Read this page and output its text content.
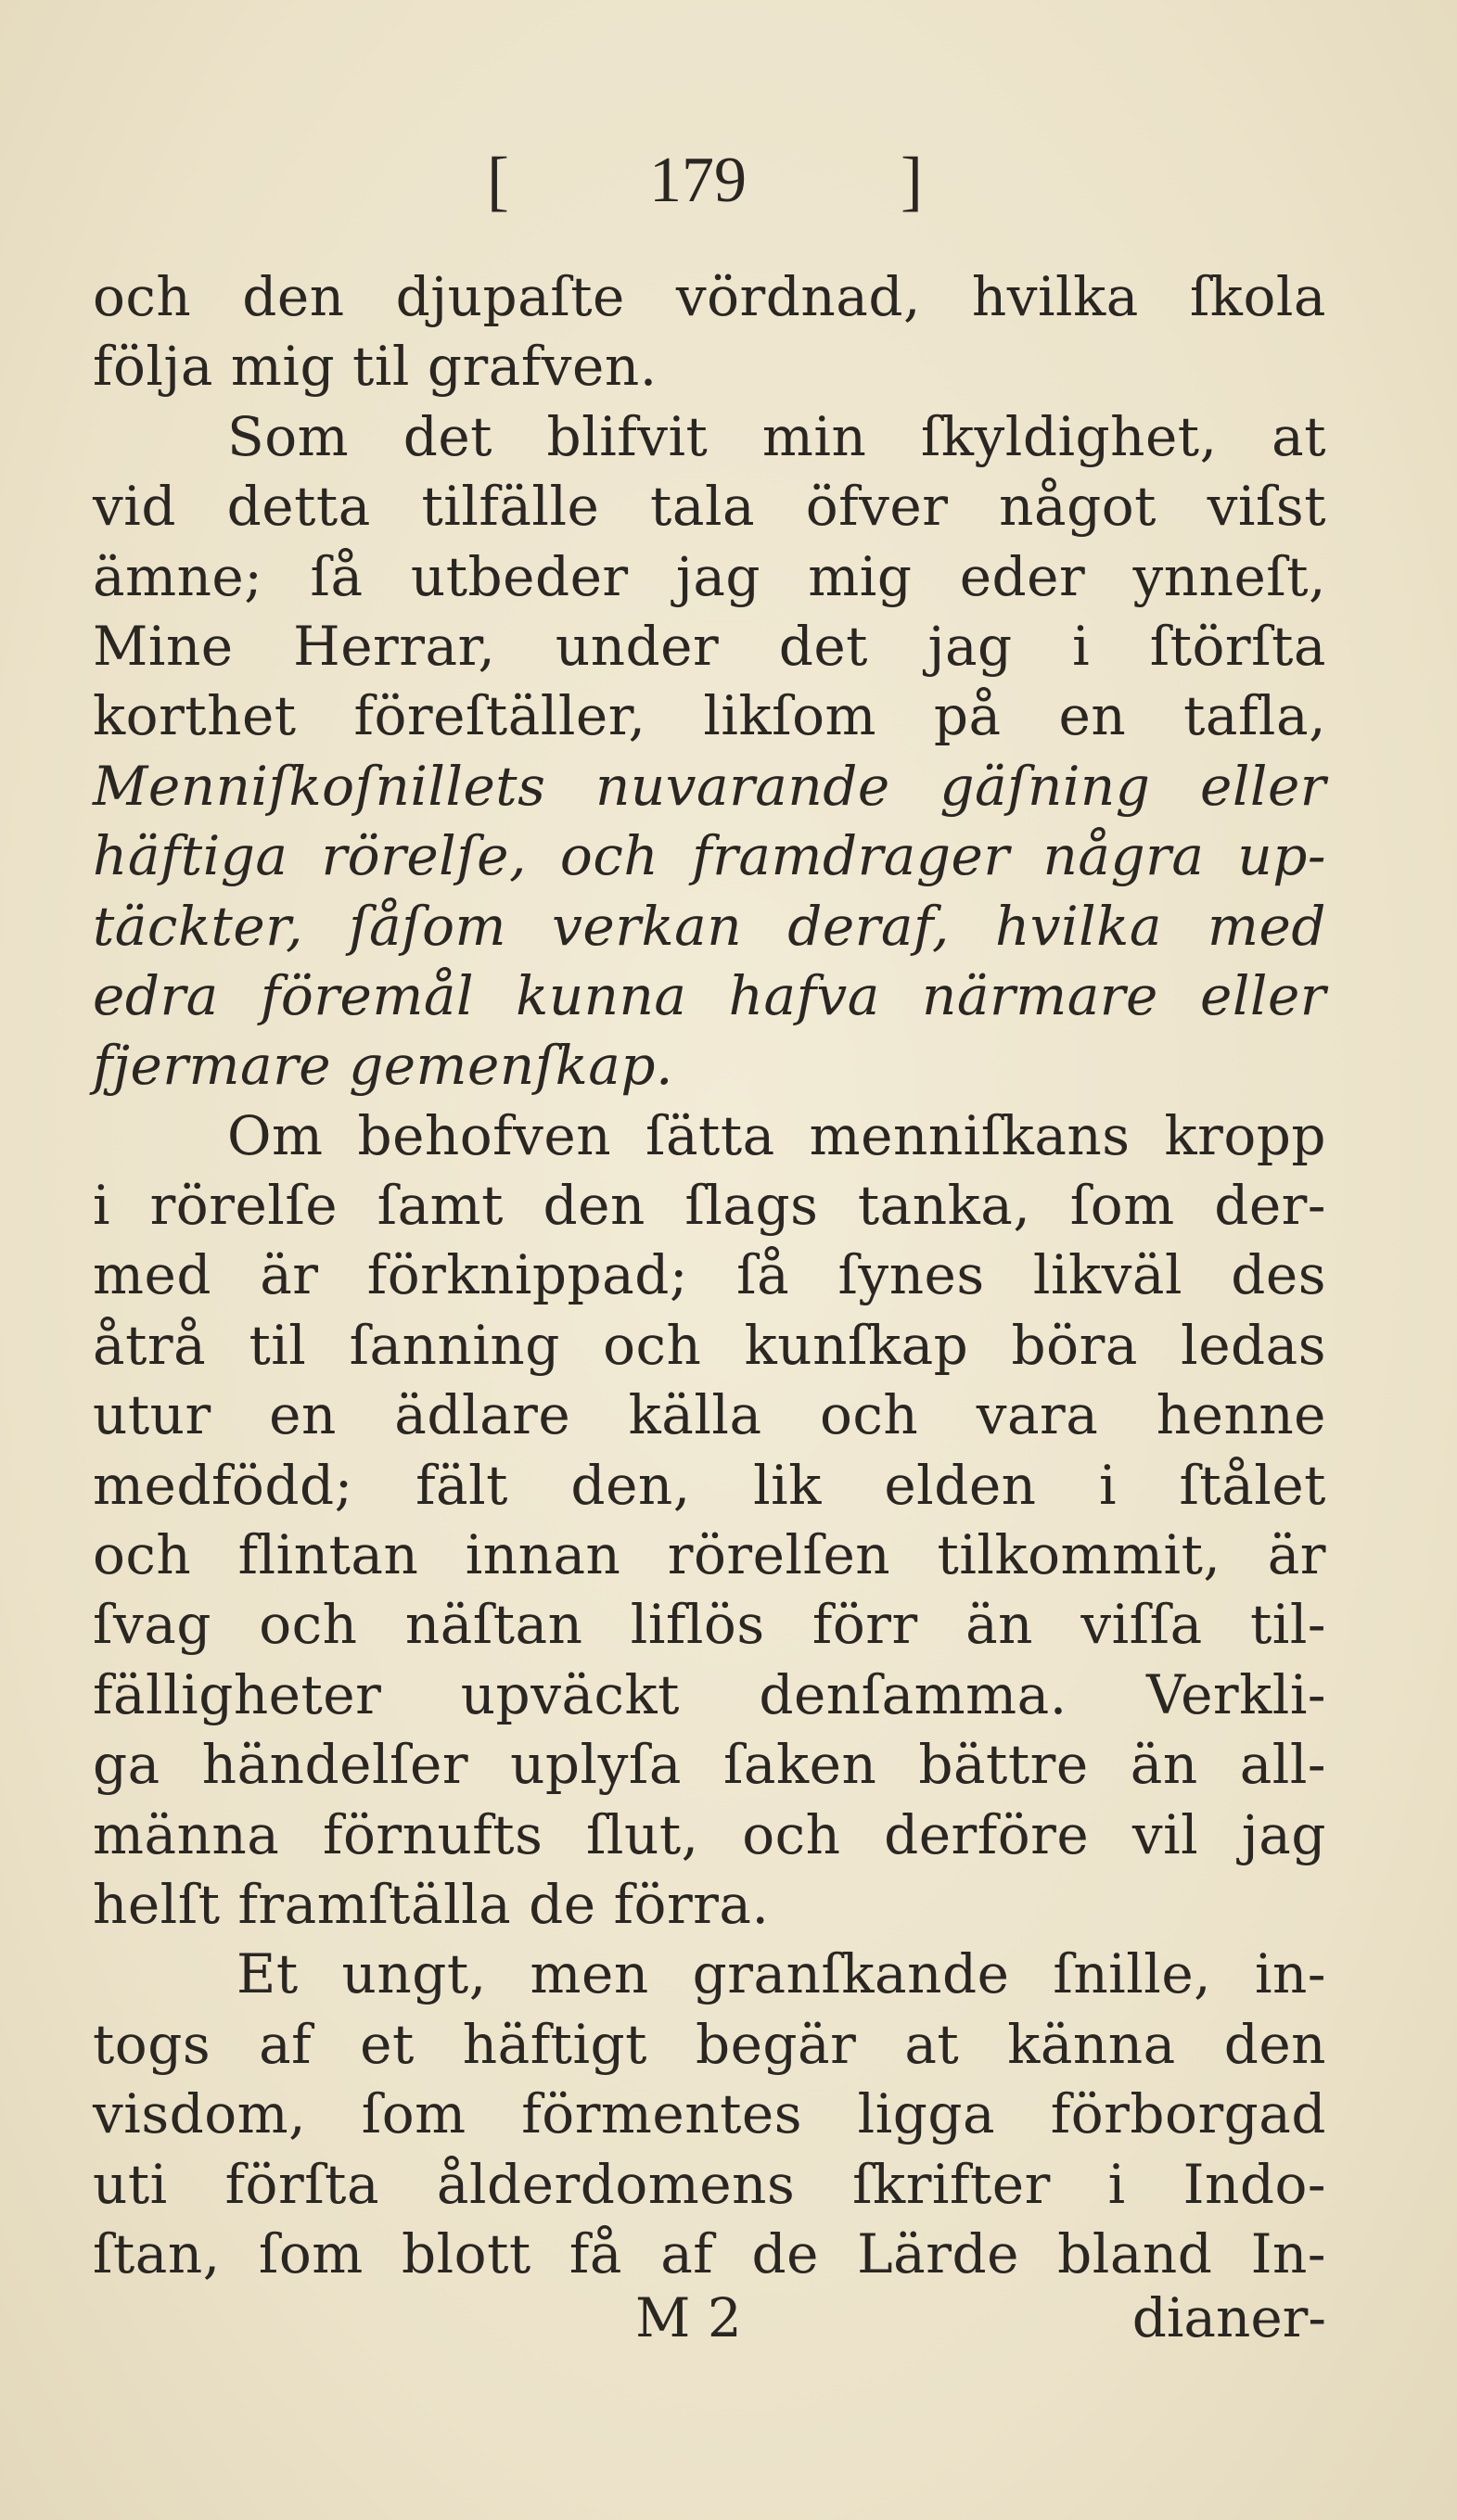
[ 179 ]
och den djupaſte vördnad, hvilka ſkola
följa mig til grafven.
Som det blifvit min ſkyldighet, at
vid detta tilfälle tala öfver något viſst
ämne; ſå utbeder jag mig eder ynneſt,
Mine Herrar, under det jag i ſtörſta
korthet föreſtäller, likſom på en tafla,
Menniſkoſnillets nuvarande gäſning eller
häftiga rörelſe, och framdrager några up-
täckter, ſåſom verkan deraf, hvilka med
edra föremål kunna hafva närmare eller
fjermare gemenſkap.
Om behofven ſätta menniſkans kropp
i rörelſe ſamt den ſlags tanka, ſom der-
med är förknippad; ſå ſynes likväl des
åtrå til ſanning och kunſkap böra ledas
utur en ädlare källa och vara henne
medfödd; fält den, lik elden i ſtålet
och flintan innan rörelſen tilkommit, är
ſvag och näſtan liflös förr än viſſa til-
fälligheter upväckt denſamma. Verkli-
ga händelſer uplyſa ſaken bättre än all-
männa förnufts ſlut, och derföre vil jag
helſt framſtälla de förra.
Et ungt, men granſkande ſnille, in-
togs af et häftigt begär at känna den
visdom, ſom förmentes ligga förborgad
uti förſta ålderdomens ſkrifter i Indo-
ſtan, ſom blott få af de Lärde bland In-
M 2	dianer-
